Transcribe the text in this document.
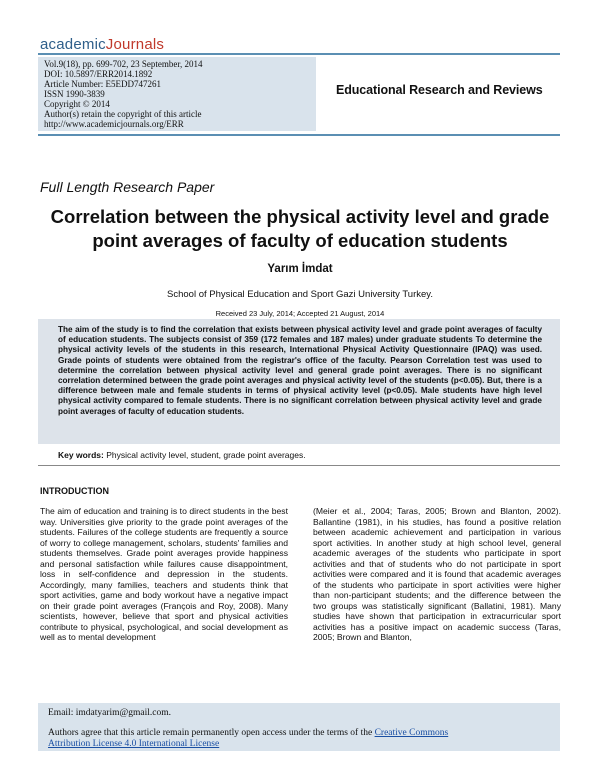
academicJournals
Vol.9(18), pp. 699-702, 23 September, 2014
DOI: 10.5897/ERR2014.1892
Article Number: E5EDD747261
ISSN 1990-3839
Copyright © 2014
Author(s) retain the copyright of this article
http://www.academicjournals.org/ERR
Educational Research and Reviews
Full Length Research Paper
Correlation between the physical activity level and grade point averages of faculty of education students
Yarım İmdat
School of Physical Education and Sport Gazi University Turkey.
Received 23 July, 2014; Accepted 21 August, 2014
The aim of the study is to find the correlation that exists between physical activity level and grade point averages of faculty of education students. The subjects consist of 359 (172 females and 187 males) under graduate students To determine the physical activity levels of the students in this research, International Physical Activity Questionnaire (IPAQ) was used. Grade points of students were obtained from the registrar's office of the faculty. Pearson Correlation test was used to determine the correlation between physical activity level and general grade point averages. There is no significant correlation determined between the grade point averages and physical activity level of the students (p<0.05). But, there is a difference between male and female students in terms of physical activity level (p<0.05). Male students have high level physical activity compared to female students. There is no significant correlation between physical activity level and grade point averages of faculty of education students.
Key words: Physical activity level, student, grade point averages.
INTRODUCTION
The aim of education and training is to direct students in the best way. Universities give priority to the grade point averages of the students. Failures of the college students are frequently a source of worry to college management, scholars, students' families and students themselves. Grade point averages provide happiness and personal satisfaction while failures cause disappointment, loss in self-confidence and depression in the students. Accordingly, many families, teachers and students think that sport activities, game and body workout have a negative impact on their grade point averages (François and Roy, 2008). Many scientists, however, believe that sport and physical activities contribute to physical, psychological, and social development as well as to mental development
(Meier et al., 2004; Taras, 2005; Brown and Blanton, 2002). Ballantine (1981), in his studies, has found a positive relation between academic achievement and participation in various sport activities. In another study at high school level, general academic averages of the students who participate in sport activities and that of students who do not participate in sport activities were compared and it is found that academic averages of the students who participate in sport activities were higher than non-participant students; and the difference between the two groups was statistically significant (Ballatini, 1981). Many studies have shown that participation in extracurricular sport activities has a positive impact on academic success (Taras, 2005; Brown and Blanton,
Email: imdatyarim@gmail.com.
Authors agree that this article remain permanently open access under the terms of the Creative Commons
Attribution License 4.0 International License
